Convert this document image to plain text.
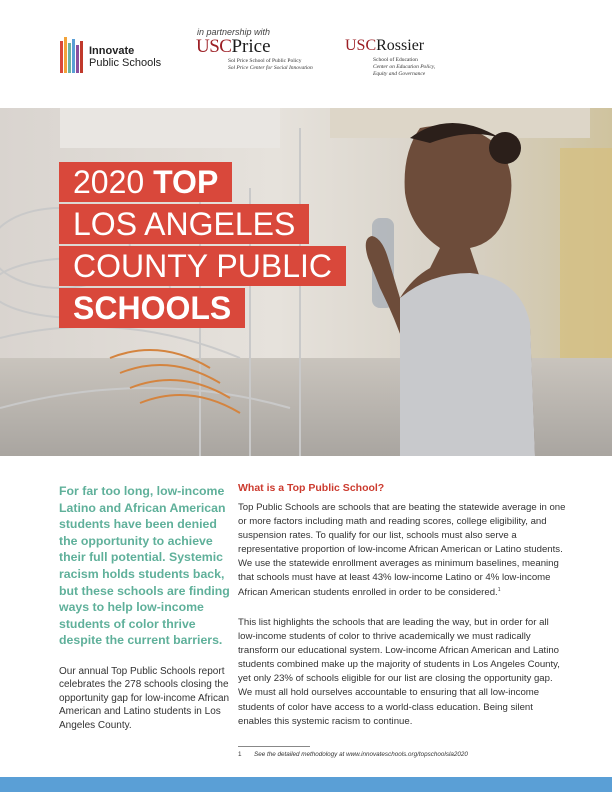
Innovate
Public Schools
in partnership with
USCPrice
Sol Price School of Public Policy
Sol Price Center for Social Innovation
USCRossier
School of Education
Center on Education Policy,
Equity and Governance
2020 TOP
LOS ANGELES
COUNTY PUBLIC
SCHOOLS
For far too long, low-income Latino and African American students have been denied the opportunity to achieve their full potential. Systemic racism holds students back, but these schools are finding ways to help low-income students of color thrive despite the current barriers.
Our annual Top Public Schools report celebrates the 278 schools closing the opportunity gap for low-income African American and Latino students in Los Angeles County.
What is a Top Public School?
Top Public Schools are schools that are beating the statewide average in one or more factors including math and reading scores, college eligibility, and suspension rates. To qualify for our list, schools must also serve a representative proportion of low-income African American or Latino students. We use the statewide enrollment averages as minimum baselines, meaning that schools must have at least 43% low-income Latino or 4% low-income African American students enrolled in order to be considered.$^1$
This list highlights the schools that are leading the way, but in order for all low-income students of color to thrive academically we must radically transform our educational system. Low-income African American and Latino students combined make up the majority of students in Los Angeles County, yet only 23% of schools eligible for our list are closing the opportunity gap. We must all hold ourselves accountable to ensuring that all low-income students of color have access to a world-class education. Being silent enables this systemic racism to continue.
1 See the detailed methodology at www.innovateschools.org/topschoolsla2020
